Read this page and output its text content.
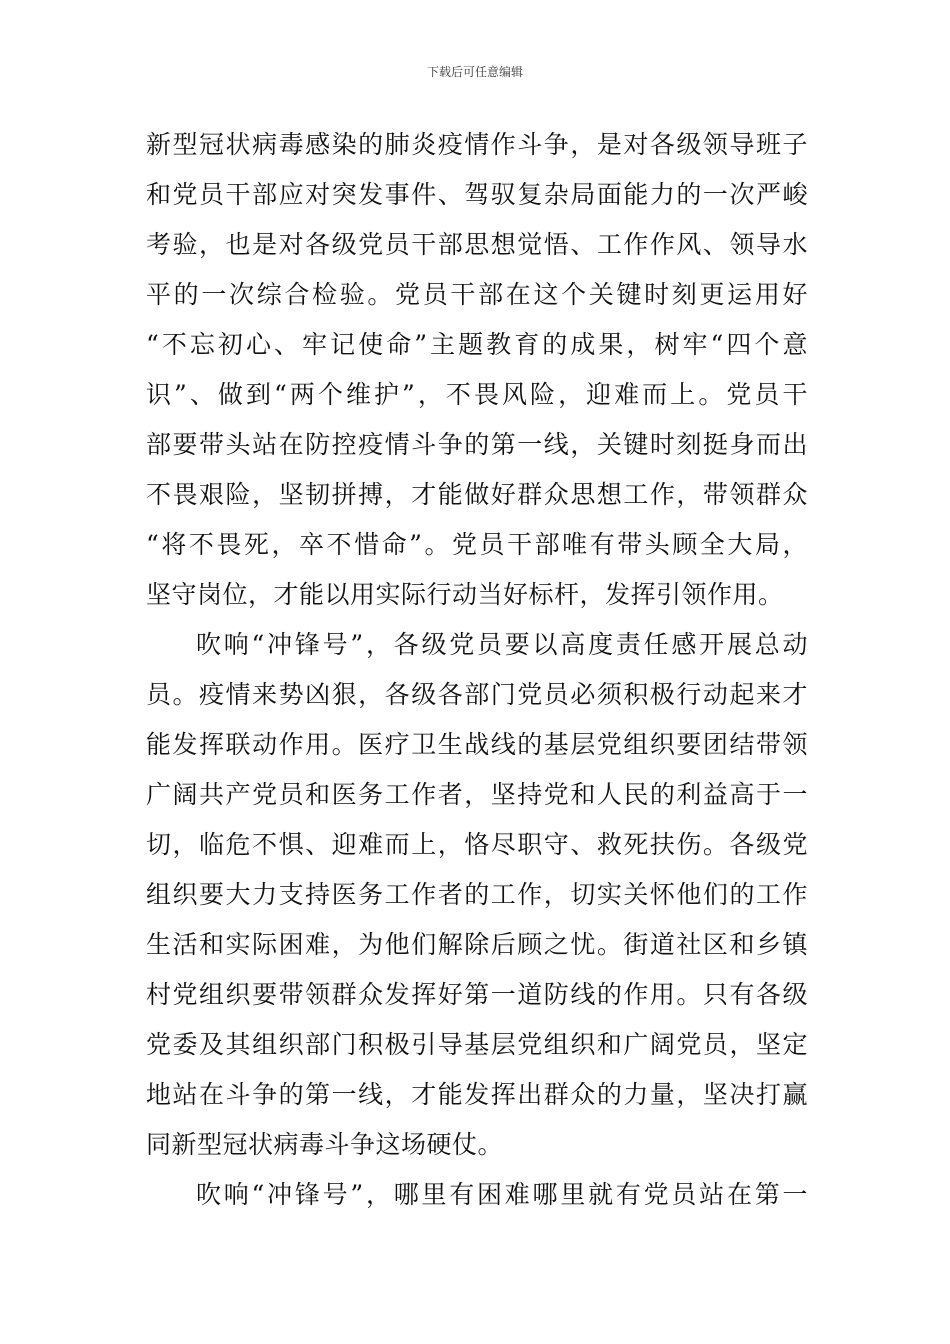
下载后可任意编辑
新型冠状病毒感染的肺炎疫情作斗争，是对各级领导班子
和党员干部应对突发事件、驾驭复杂局面能力的一次严峻
考验，也是对各级党员干部思想觉悟、工作作风、领导水
平的一次综合检验。党员干部在这个关键时刻更运用好
“不忘初心、牢记使命”主题教育的成果，树牢“四个意
识”、做到“两个维护”，不畏风险，迎难而上。党员干
部要带头站在防控疫情斗争的第一线，关键时刻挺身而出
不畏艰险，坚韧拼搏，才能做好群众思想工作，带领群众
“将不畏死，卒不惜命”。党员干部唯有带头顾全大局，
坚守岗位，才能以用实际行动当好标杆，发挥引领作用。
吹响“冲锋号”，各级党员要以高度责任感开展总动
员。疫情来势凶狠，各级各部门党员必须积极行动起来才
能发挥联动作用。医疗卫生战线的基层党组织要团结带领
广阔共产党员和医务工作者，坚持党和人民的利益高于一
切，临危不惧、迎难而上，恪尽职守、救死扶伤。各级党
组织要大力支持医务工作者的工作，切实关怀他们的工作
生活和实际困难，为他们解除后顾之忧。街道社区和乡镇
村党组织要带领群众发挥好第一道防线的作用。只有各级
党委及其组织部门积极引导基层党组织和广阔党员，坚定
地站在斗争的第一线，才能发挥出群众的力量，坚决打赢
同新型冠状病毒斗争这场硬仗。
吹响“冲锋号”，哪里有困难哪里就有党员站在第一
